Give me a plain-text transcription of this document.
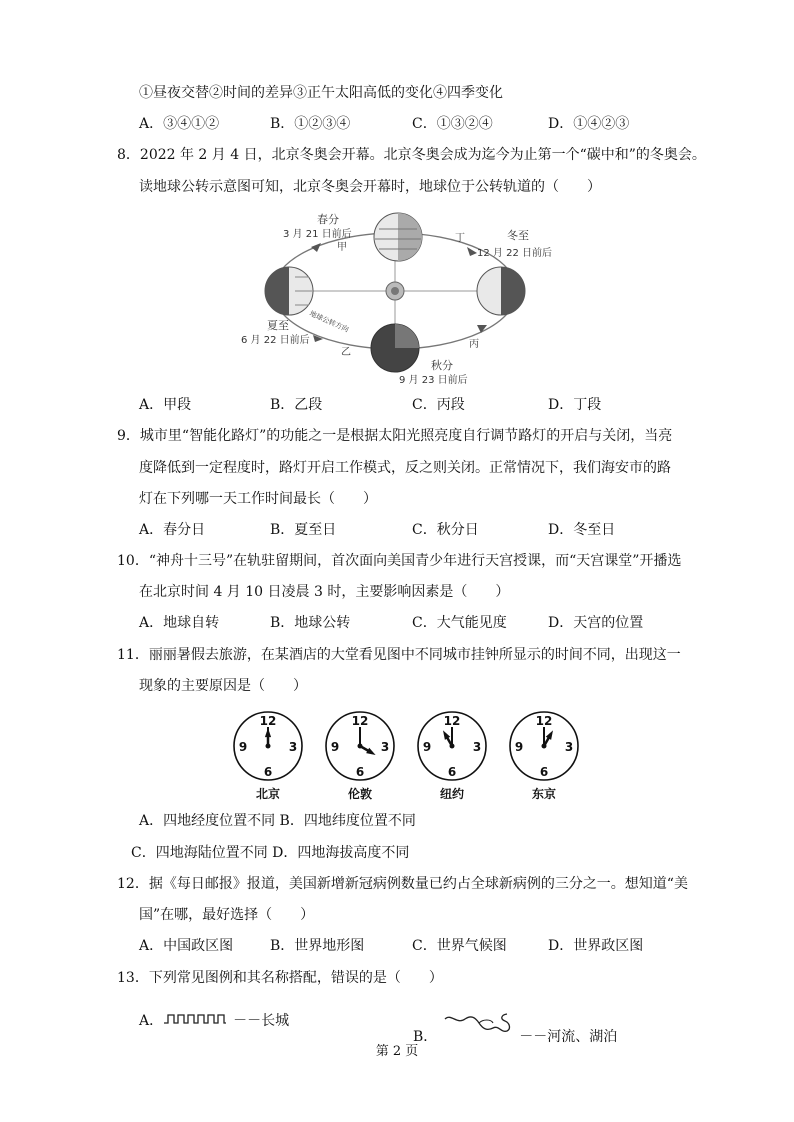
①昼夜交替②时间的差异③正午太阳高低的变化④四季变化
A．③④①②	B．①②③④	C．①③②④	D．①④②③
8．2022 年 2 月 4 日，北京冬奥会开幕。北京冬奥会成为迄今为止第一个“碳中和”的冬奥会。
读地球公转示意图可知，北京冬奥会开幕时，地球位于公转轨道的（　　）
春分
3 月 21 日前后
甲
冬至
12 月 22 日前后
丁
夏至
6 月 22 日前后
乙
地球公转方向
秋分
9 月 23 日前后
丙
A．甲段	B．乙段	C．丙段	D．丁段
9．城市里“智能化路灯”的功能之一是根据太阳光照亮度自行调节路灯的开启与关闭，当亮
度降低到一定程度时，路灯开启工作模式，反之则关闭。正常情况下，我们海安市的路
灯在下列哪一天工作时间最长（　　）
A．春分日	B．夏至日	C．秋分日	D．冬至日
10．“神舟十三号”在轨驻留期间，首次面向美国青少年进行天宫授课，而“天宫课堂”开播选
在北京时间 4 月 10 日凌晨 3 时，主要影响因素是（　　）
A．地球自转	B．地球公转	C．大气能见度	D．天宫的位置
11．丽丽暑假去旅游，在某酒店的大堂看见图中不同城市挂钟所显示的时间不同，出现这一
现象的主要原因是（　　）
12
3
6
9
北京
12
3
6
9
伦敦
12
3
6
9
纽约
12
3
6
9
东京
A．四地经度位置不同 B．四地纬度位置不同
C．四地海陆位置不同 D．四地海拔高度不同
12．据《每日邮报》报道，美国新增新冠病例数量已约占全球新病例的三分之一。想知道“美
国”在哪，最好选择（　　）
A．中国政区图	B．世界地形图	C．世界气候图	D．世界政区图
13．下列常见图例和其名称搭配，错误的是（　　）
A．	－－长城
B．	－－河流、湖泊
第 2 页
